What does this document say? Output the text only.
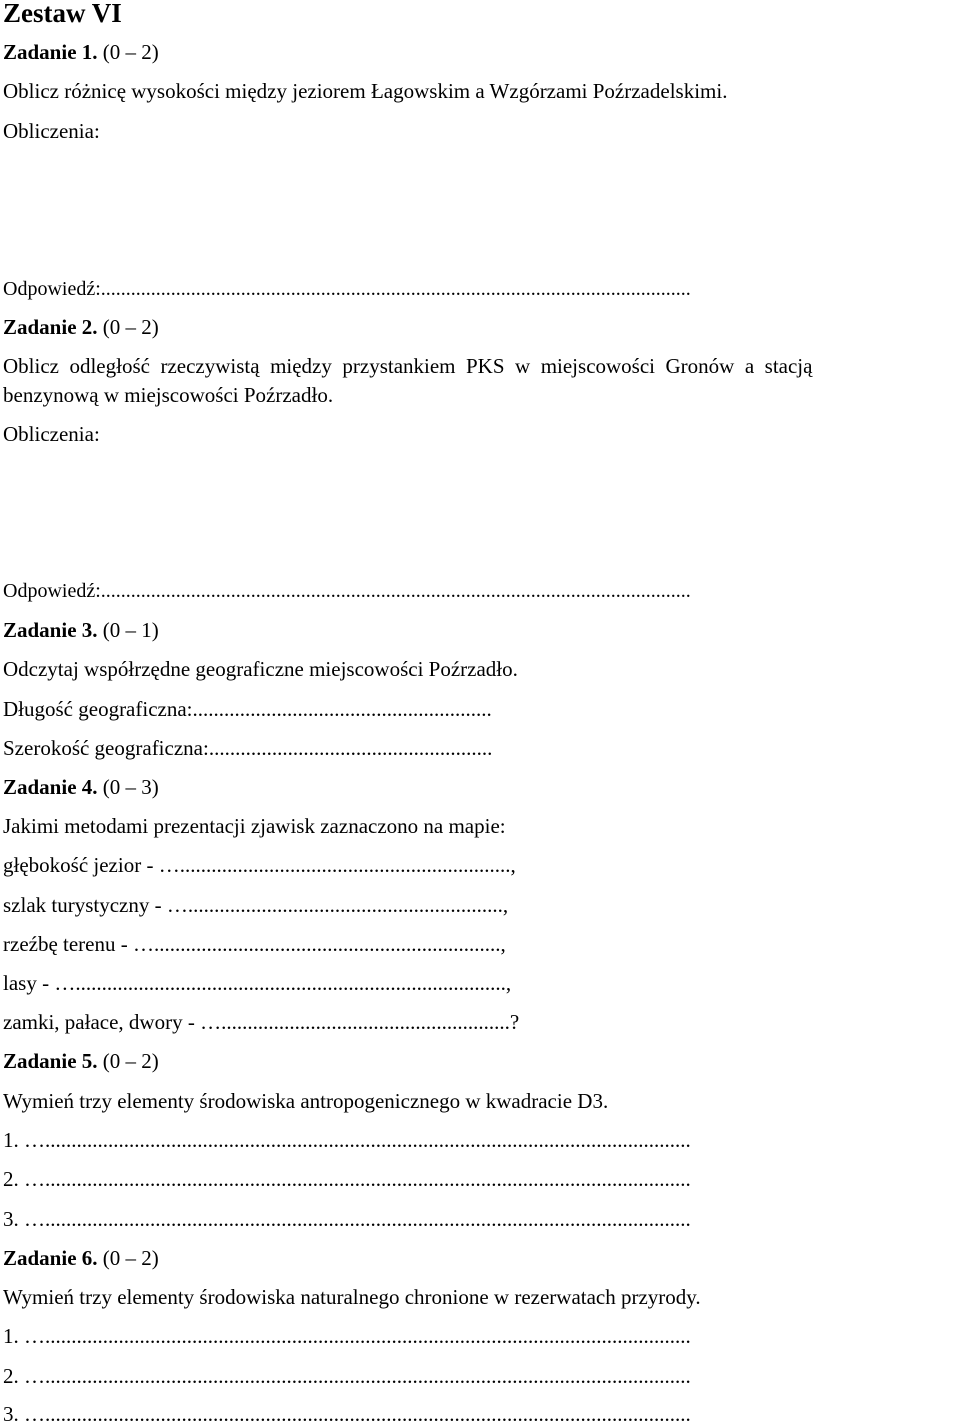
Zestaw VI
Zadanie 1. (0 – 2)
Oblicz różnicę wysokości między jeziorem Łagowskim a Wzgórzami Poźrzadelskimi.
Obliczenia:
Odpowiedź:......................................................................................................................
Zadanie 2. (0 – 2)
Oblicz  odległość  rzeczywistą  między  przystankiem  PKS  w  miejscowości  Gronów  a  stacją
benzynową w miejscowości Poźrzadło.
Obliczenia:
Odpowiedź:......................................................................................................................
Zadanie 3. (0 – 1)
Odczytaj współrzędne geograficzne miejscowości Poźrzadło.
Długość geograficzna:.........................................................
Szerokość geograficzna:......................................................
Zadanie 4. (0 – 3)
Jakimi metodami prezentacji zjawisk zaznaczono na mapie:
głębokość jezior - …...............................................................,
szlak turystyczny - …............................................................,
rzeźbę terenu - …..................................................................,
lasy - …..................................................................................,
zamki, pałace, dwory - ….......................................................?
Zadanie 5. (0 – 2)
Wymień trzy elementy środowiska antropogenicznego w kwadracie D3.
1. …...........................................................................................................................
2. …...........................................................................................................................
3. …...........................................................................................................................
Zadanie 6. (0 – 2)
Wymień trzy elementy środowiska naturalnego chronione w rezerwatach przyrody.
1. …...........................................................................................................................
2. …...........................................................................................................................
3. …...........................................................................................................................
